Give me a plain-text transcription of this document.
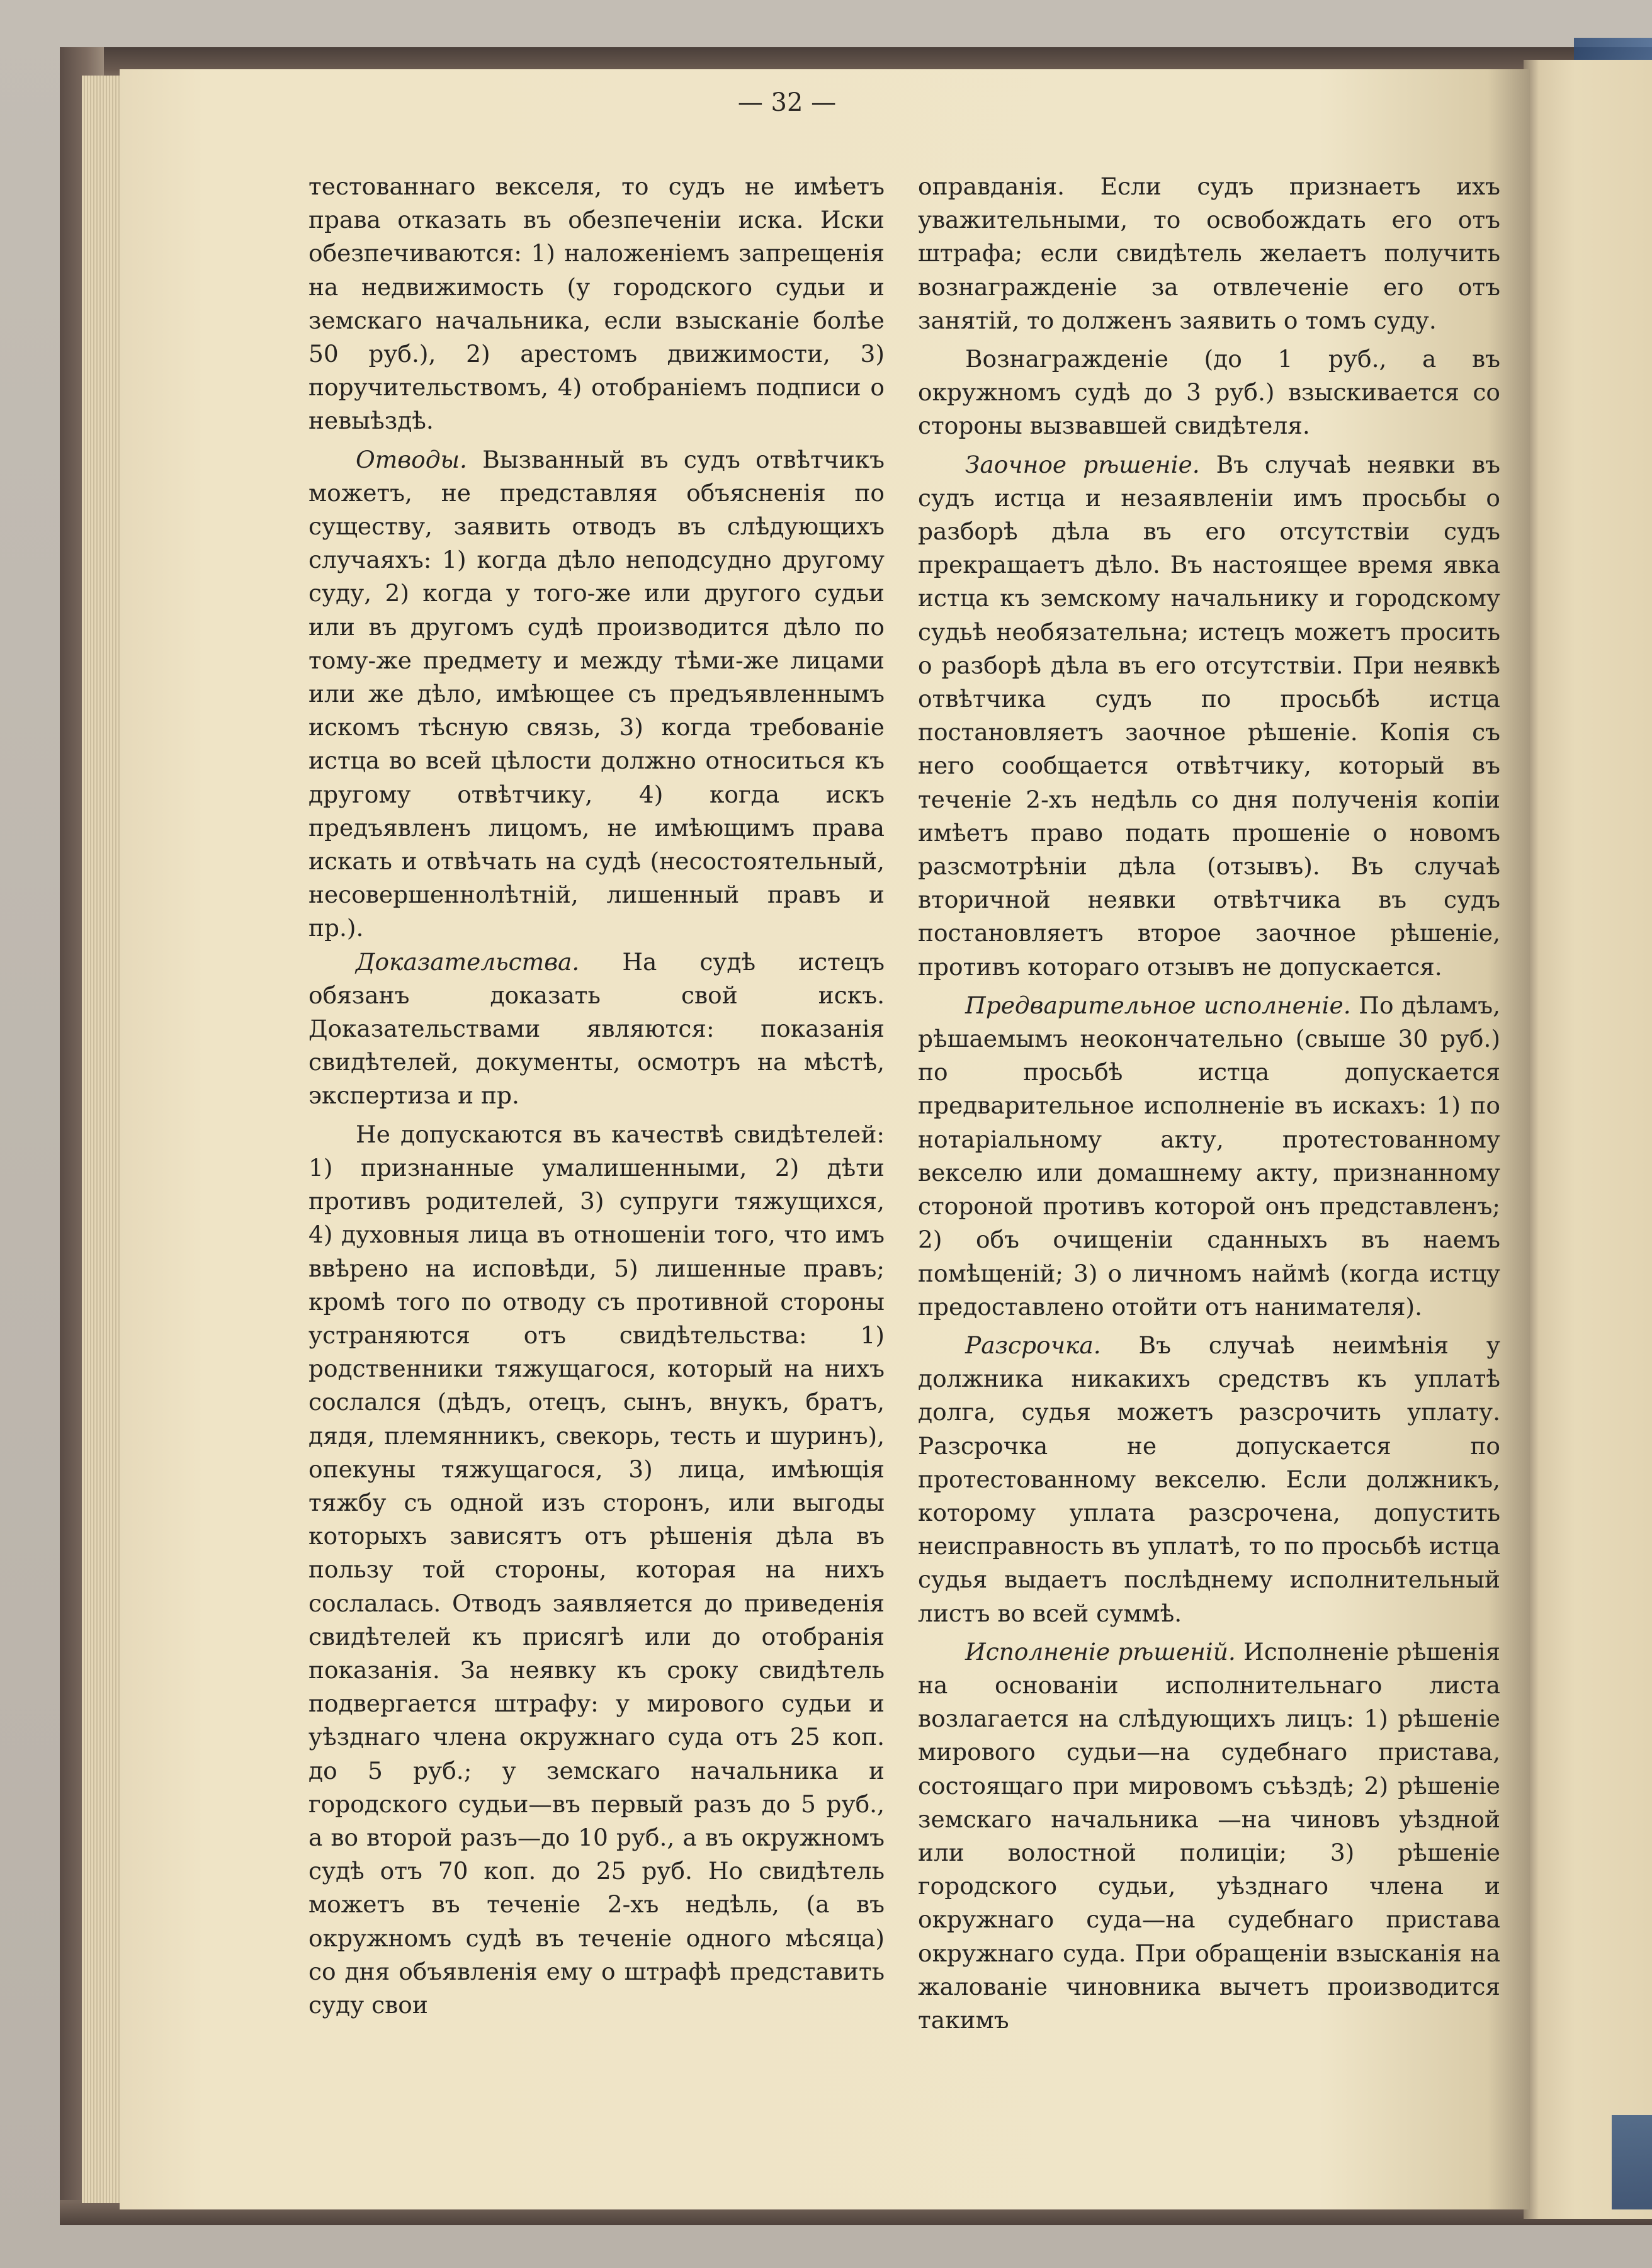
— 32 —

тестованнаго векселя, то судъ не имѣетъ права отказать въ обезпеченіи иска. Иски обезпечиваются: 1) наложеніемъ запрещенія на недвижимость (у городского судьи и земскаго начальника, если взысканіе болѣе 50 руб.), 2) арестомъ движимости, 3) поручительствомъ, 4) отобраніемъ подписи о невыѣздѣ.

Отводы. Вызванный въ судъ отвѣтчикъ можетъ, не представляя объясненія по существу, заявить отводъ въ слѣдующихъ случаяхъ: 1) когда дѣло неподсудно другому суду, 2) когда у того-же или другого судьи или въ другомъ судѣ производится дѣло по тому-же предмету и между тѣми-же лицами или же дѣло, имѣющее съ предъявленнымъ искомъ тѣсную связь, 3) когда требованіе истца во всей цѣлости должно относиться къ другому отвѣтчику, 4) когда искъ предъявленъ лицомъ, не имѣющимъ права искать и отвѣчать на судѣ (несостоятельный, несовершеннолѣтній, лишенный правъ и пр.).

Доказательства. На судѣ истецъ обязанъ доказать свой искъ. Доказательствами являются: показанія свидѣтелей, документы, осмотръ на мѣстѣ, экспертиза и пр.

Не допускаются въ качествѣ свидѣтелей: 1) признанные умалишенными, 2) дѣти противъ родителей, 3) супруги тяжущихся, 4) духовныя лица въ отношеніи того, что имъ ввѣрено на исповѣди, 5) лишенные правъ; кромѣ того по отводу съ противной стороны устраняются отъ свидѣтельства: 1) родственники тяжущагося, который на нихъ сослался (дѣдъ, отецъ, сынъ, внукъ, братъ, дядя, племянникъ, свекорь, тесть и шуринъ), опекуны тяжущагося, 3) лица, имѣющія тяжбу съ одной изъ сторонъ, или выгоды которыхъ зависятъ отъ рѣшенія дѣла въ пользу той стороны, которая на нихъ сослалась. Отводъ заявляется до приведенія свидѣтелей къ присягѣ или до отобранія показанія. За неявку къ сроку свидѣтель подвергается штрафу: у мирового судьи и уѣзднаго члена окружнаго суда отъ 25 коп. до 5 руб.; у земскаго начальника и городского судьи—въ первый разъ до 5 руб., а во второй разъ—до 10 руб., а въ окружномъ судѣ отъ 70 коп. до 25 руб. Но свидѣтель можетъ въ теченіе 2-хъ недѣль, (а въ окружномъ судѣ въ теченіе одного мѣсяца) со дня объявленія ему о штрафѣ представить суду свои

оправданія. Если судъ признаетъ ихъ уважительными, то освобождать его отъ штрафа; если свидѣтель желаетъ получить вознагражденіе за отвлеченіе его отъ занятій, то долженъ заявить о томъ суду.

Вознагражденіе (до 1 руб., а въ окружномъ судѣ до 3 руб.) взыскивается со стороны вызвавшей свидѣтеля.

Заочное рѣшеніе. Въ случаѣ неявки въ судъ истца и незаявленіи имъ просьбы о разборѣ дѣла въ его отсутствіи судъ прекращаетъ дѣло. Въ настоящее время явка истца къ земскому начальнику и городскому судьѣ необязательна; истецъ можетъ просить о разборѣ дѣла въ его отсутствіи. При неявкѣ отвѣтчика судъ по просьбѣ истца постановляетъ заочное рѣшеніе. Копія съ него сообщается отвѣтчику, который въ теченіе 2-хъ недѣль со дня полученія копіи имѣетъ право подать прошеніе о новомъ разсмотрѣніи дѣла (отзывъ). Въ случаѣ вторичной неявки отвѣтчика въ судъ постановляетъ второе заочное рѣшеніе, противъ котораго отзывъ не допускается.

Предварительное исполненіе. По дѣламъ, рѣшаемымъ неокончательно (свыше 30 руб.) по просьбѣ истца допускается предварительное исполненіе въ искахъ: 1) по нотаріальному акту, протестованному векселю или домашнему акту, признанному стороной противъ которой онъ представленъ; 2) объ очищеніи сданныхъ въ наемъ помѣщеній; 3) о личномъ наймѣ (когда истцу предоставлено отойти отъ нанимателя).

Разсрочка. Въ случаѣ неимѣнія у должника никакихъ средствъ къ уплатѣ долга, судья можетъ разсрочить уплату. Разсрочка не допускается по протестованному векселю. Если должникъ, которому уплата разсрочена, допустить неисправность въ уплатѣ, то по просьбѣ истца судья выдаетъ послѣднему исполнительный листъ во всей суммѣ.

Исполненіе рѣшеній. Исполненіе рѣшенія на основаніи исполнительнаго листа возлагается на слѣдующихъ лицъ: 1) рѣшеніе мирового судьи—на судебнаго пристава, состоящаго при мировомъ съѣздѣ; 2) рѣшеніе земскаго начальника —на чиновъ уѣздной или волостной полиціи; 3) рѣшеніе городского судьи, уѣзднаго члена и окружнаго суда—на судебнаго пристава окружнаго суда. При обращеніи взысканія на жалованіе чиновника вычетъ производится такимъ
